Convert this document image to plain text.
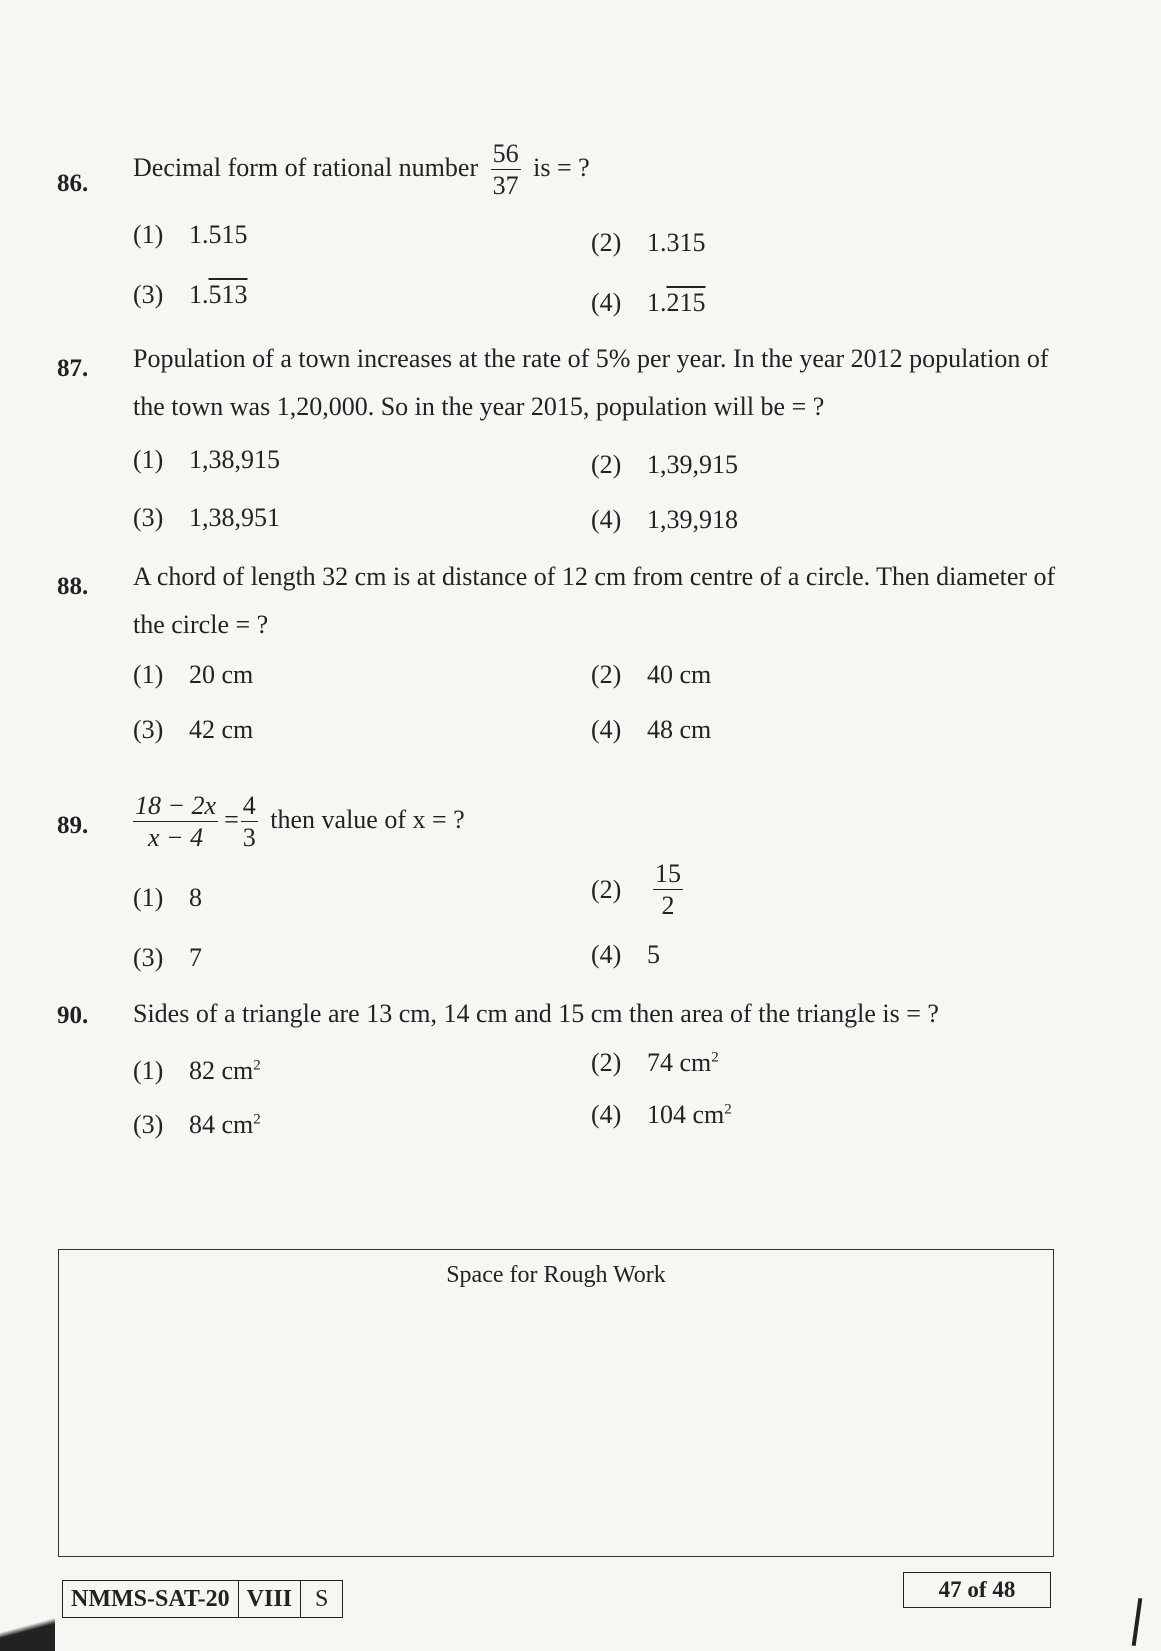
86.
Decimal form of rational number $\frac{56}{37}$ is = ?
(1) 1.515	(2) 1.315
(3) 1.513	(4) 1.215
87. Population of a town increases at the rate of 5% per year. In the year 2012 population of the town was 1,20,000. So in the year 2015, population will be = ?
(1) 1,38,915	(2) 1,39,915
(3) 1,38,951	(4) 1,39,918
88. A chord of length 32 cm is at distance of 12 cm from centre of a circle. Then diameter of the circle = ?
(1) 20 cm	(2) 40 cm
(3) 42 cm	(4) 48 cm
89. $\frac{18 - 2x}{x - 4} = \frac{4}{3}$ then value of x = ?
(1) 8	$(2) \frac{15}{2}$
(3) 7	(4) 5
90. Sides of a triangle are 13 cm, 14 cm and 15 cm then area of the triangle is = ?
(1) 82 $cm^2$	(2) 74 $cm^2$
(3) 84 $cm^2$	(4) 104 $cm^2$
Space for Rough Work
NMMS-SAT-20 VIII S	47 of 48
